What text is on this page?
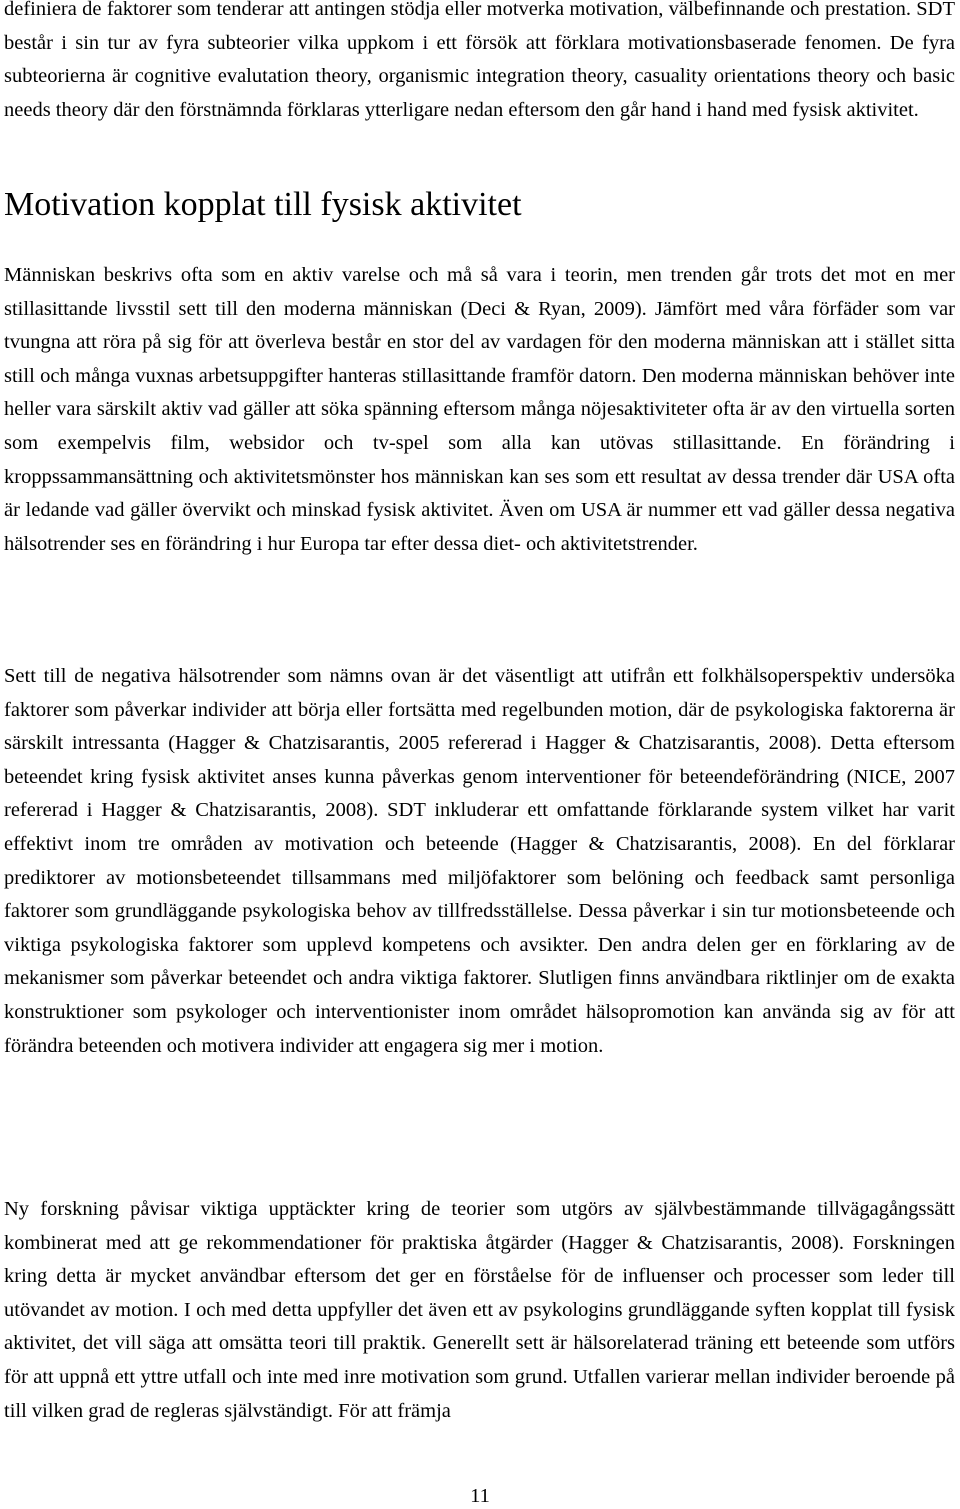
definiera de faktorer som tenderar att antingen stödja eller motverka motivation, välbefinnande och prestation. SDT består i sin tur av fyra subteorier vilka uppkom i ett försök att förklara motivationsbaserade fenomen. De fyra subteorierna är cognitive evalutation theory, organismic integration theory, casuality orientations theory och basic needs theory där den förstnämnda förklaras ytterligare nedan eftersom den går hand i hand med fysisk aktivitet.

Motivation kopplat till fysisk aktivitet

Människan beskrivs ofta som en aktiv varelse och må så vara i teorin, men trenden går trots det mot en mer stillasittande livsstil sett till den moderna människan (Deci & Ryan, 2009). Jämfört med våra förfäder som var tvungna att röra på sig för att överleva består en stor del av vardagen för den moderna människan att i stället sitta still och många vuxnas arbetsuppgifter hanteras stillasittande framför datorn. Den moderna människan behöver inte heller vara särskilt aktiv vad gäller att söka spänning eftersom många nöjesaktiviteter ofta är av den virtuella sorten som exempelvis film, websidor och tv-spel som alla kan utövas stillasittande. En förändring i kroppssammansättning och aktivitetsmönster hos människan kan ses som ett resultat av dessa trender där USA ofta är ledande vad gäller övervikt och minskad fysisk aktivitet. Även om USA är nummer ett vad gäller dessa negativa hälsotrender ses en förändring i hur Europa tar efter dessa diet- och aktivitetstrender.

Sett till de negativa hälsotrender som nämns ovan är det väsentligt att utifrån ett folkhälsoperspektiv undersöka faktorer som påverkar individer att börja eller fortsätta med regelbunden motion, där de psykologiska faktorerna är särskilt intressanta (Hagger & Chatzisarantis, 2005 refererad i Hagger & Chatzisarantis, 2008). Detta eftersom beteendet kring fysisk aktivitet anses kunna påverkas genom interventioner för beteendeförändring (NICE, 2007 refererad i Hagger & Chatzisarantis, 2008). SDT inkluderar ett omfattande förklarande system vilket har varit effektivt inom tre områden av motivation och beteende (Hagger & Chatzisarantis, 2008). En del förklarar prediktorer av motionsbeteendet tillsammans med miljöfaktorer som belöning och feedback samt personliga faktorer som grundläggande psykologiska behov av tillfredsställelse. Dessa påverkar i sin tur motionsbeteende och viktiga psykologiska faktorer som upplevd kompetens och avsikter. Den andra delen ger en förklaring av de mekanismer som påverkar beteendet och andra viktiga faktorer. Slutligen finns användbara riktlinjer om de exakta konstruktioner som psykologer och interventionister inom området hälsopromotion kan använda sig av för att förändra beteenden och motivera individer att engagera sig mer i motion.

Ny forskning påvisar viktiga upptäckter kring de teorier som utgörs av självbestämmande tillvägagångssätt kombinerat med att ge rekommendationer för praktiska åtgärder (Hagger & Chatzisarantis, 2008). Forskningen kring detta är mycket användbar eftersom det ger en förståelse för de influenser och processer som leder till utövandet av motion. I och med detta uppfyller det även ett av psykologins grundläggande syften kopplat till fysisk aktivitet, det vill säga att omsätta teori till praktik. Generellt sett är hälsorelaterad träning ett beteende som utförs för att uppnå ett yttre utfall och inte med inre motivation som grund. Utfallen varierar mellan individer beroende på till vilken grad de regleras självständigt. För att främja

11
